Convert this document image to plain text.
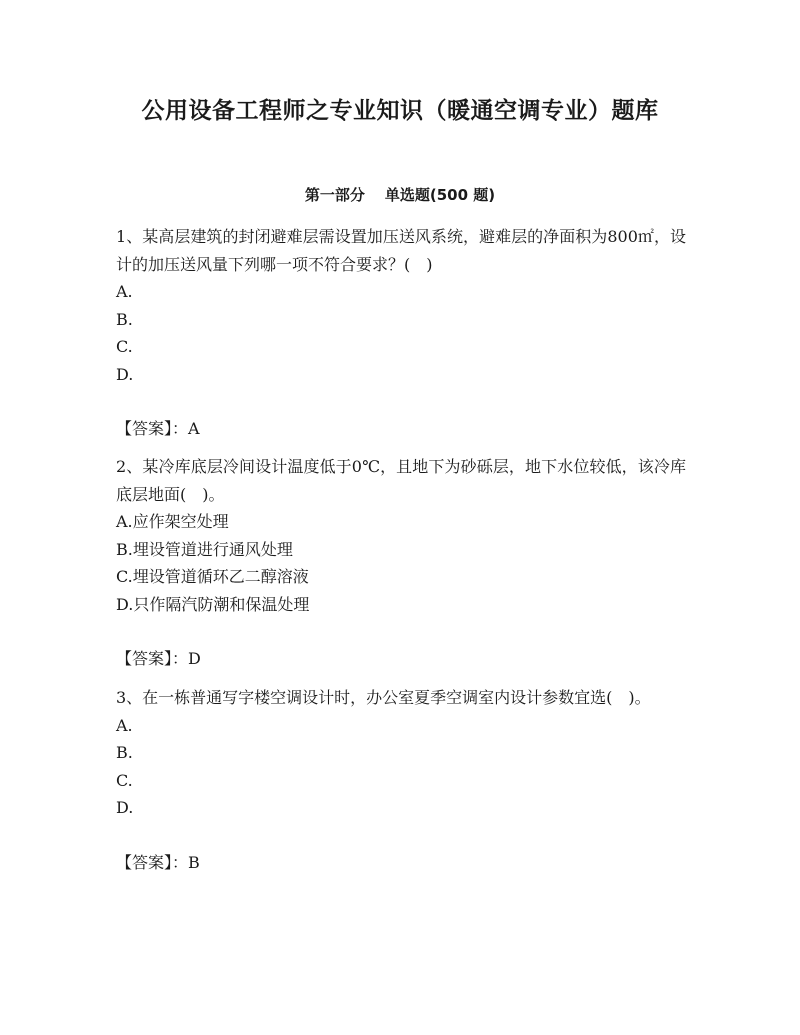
公用设备工程师之专业知识（暖通空调专业）题库
第一部分 单选题(500 题)

1、某高层建筑的封闭避难层需设置加压送风系统，避难层的净面积为800㎡，设计的加压送风量下列哪一项不符合要求？(　)

A.

B.

C.

D.

【答案】：A

2、某冷库底层冷间设计温度低于0℃，且地下为砂砾层，地下水位较低，该冷库底层地面(　)。

A.应作架空处理

B.埋设管道进行通风处理

C.埋设管道循环乙二醇溶液

D.只作隔汽防潮和保温处理

【答案】：D

3、在一栋普通写字楼空调设计时，办公室夏季空调室内设计参数宜选(　)。

A.

B.

C.

D.

【答案】：B
